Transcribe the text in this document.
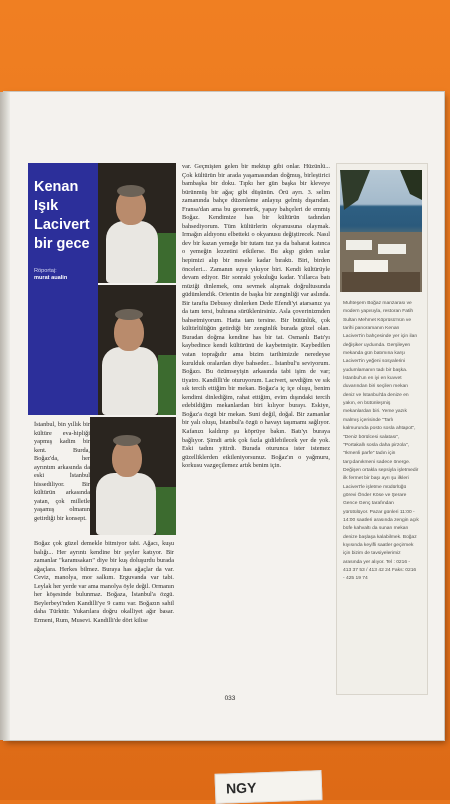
Kenan Işık Lacivert bir gece
Röportaj:
murat aualin

İstanbul, bin yıllık bir kültüre eva-hipliği yapmış kadim bir kent. Burda, Boğaz'da, her ayrıntım arkasında da eski İstanbul hissediliyor. Bir kültürün arkasında yatan, çok milletle yaşamış olmanın getirdiği bir konsept.

Boğaz çok güzel demekle bitmiyor tabi. Ağacı, kuşu balığı... Her ayrıntı kendine bir şeyler katıyor. Bir zamanlar "karamsakarı" diye bir kuş doluşurdu burada ağaçlara. Herkes bilmez. Buraya has ağaçlar da var. Ceviz, manolya, mor salkım. Erguvanda var tabi. Leylak her yerde var ama manolya öyle değil. Ormanın her köşesinde bulunmaz. Boğaza, İstanbul'a özgü. Beylerbeyi'nden Kandilli'ye 9 camı var. Boğazın sahil daha Türktür. Yukarılara doğru okalliyet ağır basar. Ermeni, Rum, Musevi. Kandilli'de dört kilise

var. Geçmişten gelen bir mektup gibi onlar. Hüzünlü... Çok kültürün bir arada yaşamasından doğmuş, birleştirici bambaşka bir doku. Tıpkı her gün başka bir kleveye bürünmüş bir ağaç gibi düşünün. Örü ayrı. 3. selim zamanında bahçe düzenleme anlayışı gelmiş dışarıdan. Fransa'dan ama bu geometrik, yapay bahçeleri de emmiş Boğaz. Kendimize has bir kültürün tadından bahsediyorum. Tüm kültürlerin okyanusuna olaymak. Irmağın aldıyonu elbetteki o okyanusu değiştirecek. Nasıl dev bir kazan yemeğe bir tutam tuz ya da baharat katınca o yemeğin lezzetini etkilerse. Bu akşp giden sular hepimizi alıp bir mesele kadar bıraktı. Biri, birden önceleri... Zamanın suyu yıkıyor biri. Kendi kültürüyle devam ediyor. Bir sonraki yokuluğu kadar. Yıllarca batı müziği dinlemek, onu sevmek alışmak doğrultusunda güdümlendik. Orientin de başka bir zenginliği var aslında. Bir tarafta Debussy dinlerken Dede Efendi'yi atarsanız ya da tam tersi, buhrana sürüklenirsiniz. Asla çoverinizmden bahsetmiyorum. Hatta tam tersine. Bir bütünlük, çok kültürlülüğün getirdiği bir zenginlik burada gözel olan. Buradan doğma kendine has bir tat. Osmanlı Batı'yı kaybedince kendi kültürünü de kaybetmiştir. Kaybedilen vatan toprağıdır ama bizim tarihimizde neredeyse kurulduk oralardan diye bahseder... İstanbul'u seviyorum. Boğazı. Bu özümseyişin arkasında tabi işim de var; tiyatro. Kandilli'de oturuyorum. Lacivert, sevdiğim ve sık sık tercih ettiğim bir mekan. Boğaz'a iç içe oluşu, benim kendimi dinlediğim, rahat ettiğim, evim dışındaki tercih edebildiğim mekanlardan biri kılıyor burayı. Eskiye, Boğaz'a özgü bir mekan. Suni değil, doğal. Bir zamanlar bir yalı oluşu, İstanbul'a özgü o havayı taşımamı sağlıyor. Kafanızı kaldırıp şu köprüye bakın. Batı'yı buraya bağlıyor. Şimdi artık çok fazla gidilebilecek yer de yok. Eski tadını yitirdi. Burada oturunca ister istemez güzelliklerden etkileniyorsunuz. Boğaz'ın o yağmuru, korkusu vazgeçilemez artık benim için.

Muhteşem Boğaz manzarası ve modern yapısıyla, restoran Fatih Sultan Mehmet Köprüsü'nün ve tarihi panoramanın Kenan Lacivert'in bahçesinde yer için ilan değişiker uyduında. Gerşileyen mekanda gün batımına karşı Lacivert'in yeğeni sosyalerini yudumlamanın tadı bir başka. İstanbul'un en iyi en kuvvet duvarından biri seçilen mekan deniz ve İstanbul'da denize en yakın, en bütünleşmiş mekanlardan biri. Yeme yazık malmış içerisinde "Tarlı kalmurunda posto sosla ahtapot", "Deniz börülcesi salatası", "Portakallı sosla daha pirzola", "Ikmenli parfe" tadın için tarçıdanıkmeni sadece önerge. Değişen ortakla sepsiyla işletmedir ilk fermet bir başı ayrı şu ilkleri Lacivert'le işletme müdürlüğü görevi Önder Köse ve Şerare Gence Genç tarafından yürütülüyor. Pazar günleri 11:00 - 14:00 saatleri arasında zengin açık büfe kahvaltı da sunan mekan denize başlaşa kalabilmek. Boğaz kıyısında keyifli saatler geçirmek için bizim de tavsiyelerimiz arasında yer alıyor. Tel : 0216 - 413 37 53 / 413 42 24 Faks: 0216 - 425 19 74

033
NGY
